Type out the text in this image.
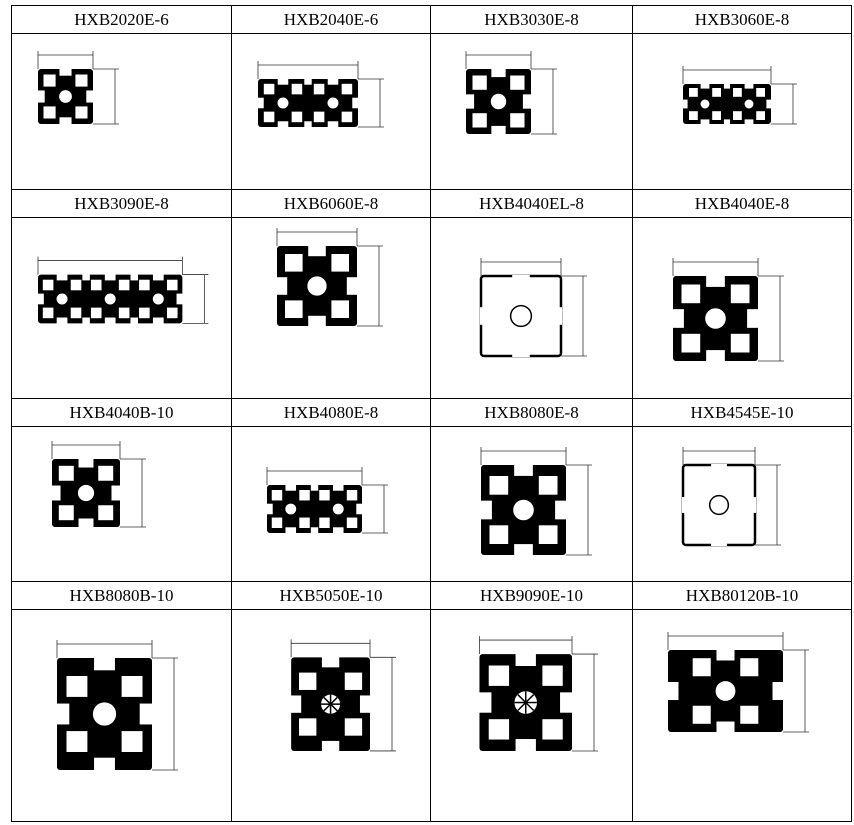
HXB2020E-6	HXB2040E-6	HXB3030E-8	HXB3060E-8
HXB3090E-8	HXB6060E-8	HXB4040EL-8	HXB4040E-8
HXB4040B-10	HXB4080E-8	HXB8080E-8	HXB4545E-10
HXB8080B-10	HXB5050E-10	HXB9090E-10	HXB80120B-10
